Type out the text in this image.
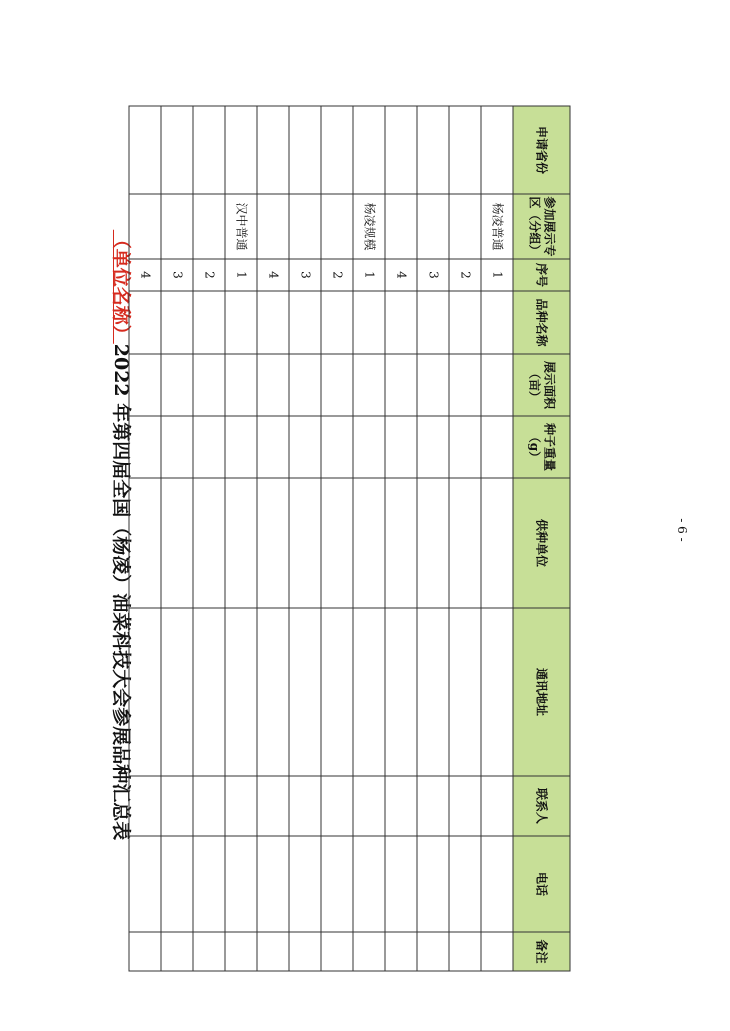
（单位名称）2022 年第四届全国（杨凌）油菜科技大会参展品种汇总表
申请省份	参加展示专区（分组）	序号	品种名称	展示面积（亩）	种子重量（g）	供种单位	通讯地址	联系人	电话	备注
	杨凌普通	1								
		2								
		3								
		4								
	杨凌规模	1								
		2								
		3								
		4								
	汉中普通	1								
		2								
		3								
		4								
- 6 -
